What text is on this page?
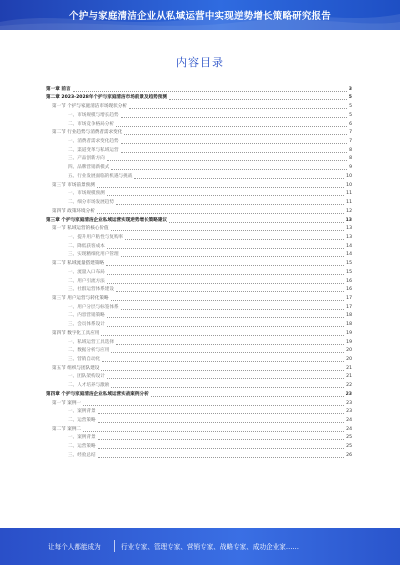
个护与家庭清洁企业从私域运营中实现逆势增长策略研究报告
内容目录
第一章 前言	3
第二章 2023-2028年个护与家庭清洁市场前景及趋势预测	5
第一节 个护与家庭清洁市场现状分析	5
一、市场规模与增长趋势	5
二、市场竞争格局分析	6
第二节 行业趋势与消费者需求变化	7
一、消费者需求变化趋势	7
二、渠道变革与私域运营	8
三、产品创新方向	8
四、品牌营销新模式	9
五、行业发展面临的机遇与挑战	10
第三节 市场前景预测	10
一、市场规模预测	11
二、细分市场发展趋势	11
第四节 政策环境分析	12
第三章 个护与家庭清洁企业私域运营实现逆势增长策略建议	13
第一节 私域运营的核心价值	13
一、提升用户粘性与复购率	13
二、降低获客成本	14
三、实现精细化用户管理	14
第二节 私域流量搭建策略	15
一、流量入口布局	15
二、用户引流方法	16
三、社群运营体系建设	16
第三节 用户运营与转化策略	17
一、用户分层与标签体系	17
二、内容营销策略	18
三、会员体系设计	18
第四节 数字化工具应用	19
一、私域运营工具选择	19
二、数据分析与应用	20
三、营销自动化	20
第五节 组织与团队建设	21
一、团队架构设计	21
二、人才培养与激励	22
第四章 个护与家庭清洁企业私域运营实战案例分析	23
第一节 案例一	23
一、案例背景	23
二、运营策略	24
第二节 案例二	24
一、案例背景	25
二、运营策略	25
三、经验总结	26
让每个人都能成为	行业专家、管理专家、营销专家、战略专家、成功企业家……
